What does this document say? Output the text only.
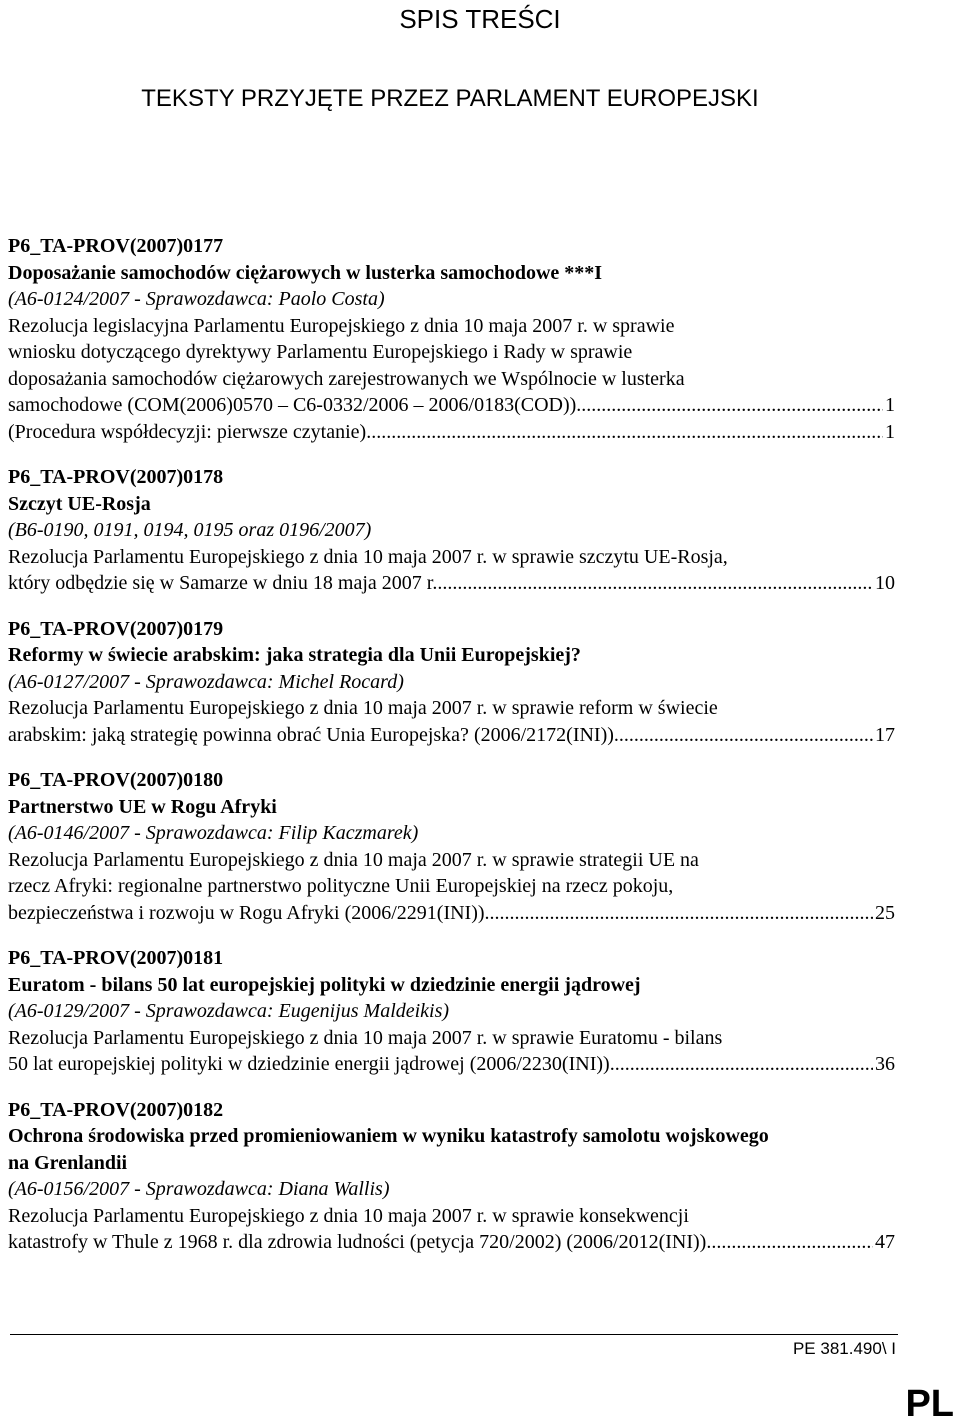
SPIS TREŚCI
TEKSTY PRZYJĘTE PRZEZ PARLAMENT EUROPEJSKI
P6_TA-PROV(2007)0177
Doposażanie samochodów ciężarowych w lusterka samochodowe ***I
(A6-0124/2007 - Sprawozdawca: Paolo Costa)
Rezolucja legislacyjna Parlamentu Europejskiego z dnia 10 maja 2007 r. w sprawie
wniosku dotyczącego dyrektywy Parlamentu Europejskiego i Rady w sprawie
doposażania samochodów ciężarowych zarejestrowanych we Wspólnocie w lusterka
samochodowe (COM(2006)0570 – C6-0332/2006 – 2006/0183(COD)) .....	1
(Procedura współdecyzji: pierwsze czytanie) .....	1
P6_TA-PROV(2007)0178
Szczyt UE-Rosja
(B6-0190, 0191, 0194, 0195 oraz 0196/2007)
Rezolucja Parlamentu Europejskiego z dnia 10 maja 2007 r. w sprawie szczytu UE-Rosja,
który odbędzie się w Samarze w dniu 18 maja 2007 r. .....	10
P6_TA-PROV(2007)0179
Reformy w świecie arabskim: jaka strategia dla Unii Europejskiej?
(A6-0127/2007 - Sprawozdawca: Michel Rocard)
Rezolucja Parlamentu Europejskiego z dnia 10 maja 2007 r. w sprawie reform w świecie
arabskim: jaką strategię powinna obrać Unia Europejska? (2006/2172(INI)) .....	17
P6_TA-PROV(2007)0180
Partnerstwo UE w Rogu Afryki
(A6-0146/2007 - Sprawozdawca: Filip Kaczmarek)
Rezolucja Parlamentu Europejskiego z dnia 10 maja 2007 r. w sprawie strategii UE na
rzecz Afryki: regionalne partnerstwo polityczne Unii Europejskiej na rzecz pokoju,
bezpieczeństwa i rozwoju w Rogu Afryki (2006/2291(INI)) .....	25
P6_TA-PROV(2007)0181
Euratom - bilans 50 lat europejskiej polityki w dziedzinie energii jądrowej
(A6-0129/2007 - Sprawozdawca: Eugenijus Maldeikis)
Rezolucja Parlamentu Europejskiego z dnia 10 maja 2007 r. w sprawie Euratomu - bilans
50 lat europejskiej polityki w dziedzinie energii jądrowej (2006/2230(INI)) .....	36
P6_TA-PROV(2007)0182
Ochrona środowiska przed promieniowaniem w wyniku katastrofy samolotu wojskowego
na Grenlandii
(A6-0156/2007 - Sprawozdawca: Diana Wallis)
Rezolucja Parlamentu Europejskiego z dnia 10 maja 2007 r. w sprawie konsekwencji
katastrofy w Thule z 1968 r. dla zdrowia ludności (petycja 720/2002) (2006/2012(INI)) .....	47
PE 381.490\ I
PL
